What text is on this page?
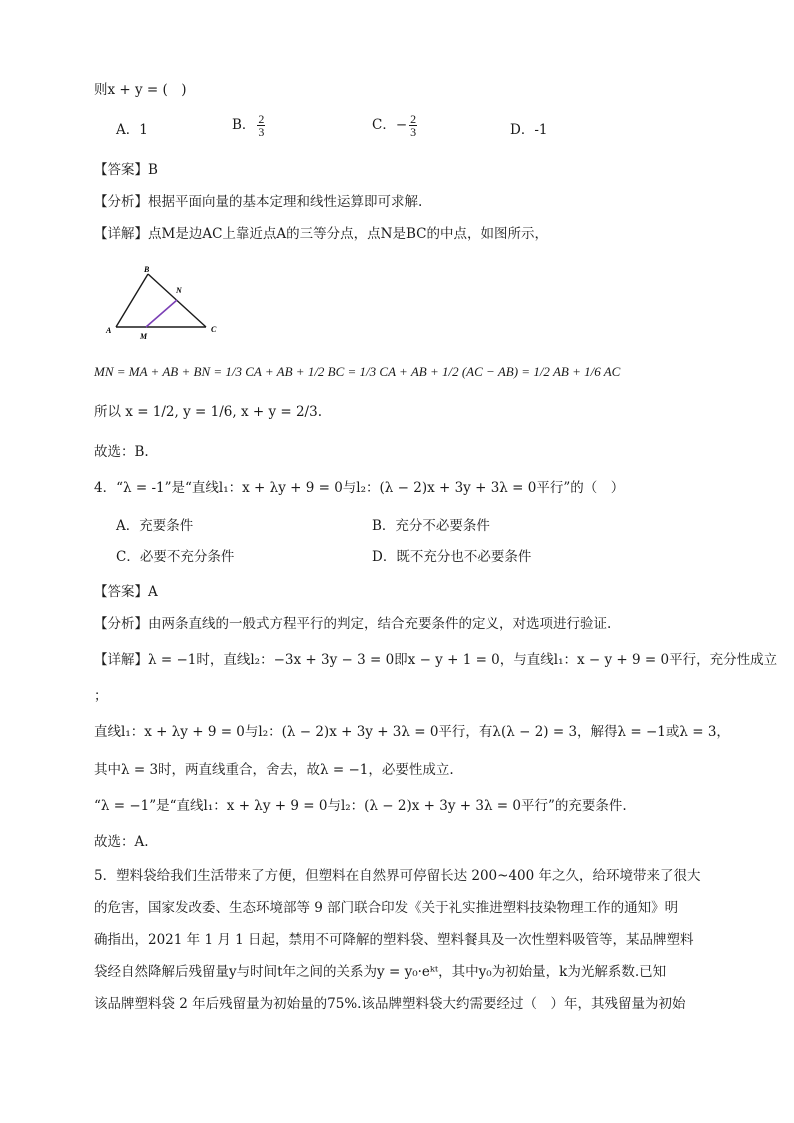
则x + y = (　)
A．1	B． $\frac{2}{3}$	C．− $\frac{2}{3}$	D．-1
【答案】B
【分析】根据平面向量的基本定理和线性运算即可求解.
【详解】点M是边AC上靠近点A的三等分点，点N是BC的中点，如图所示，
B
N
A
M
C
MN = MA + AB + BN = 1/3 CA + AB + 1/2 BC = 1/3 CA + AB + 1/2 (AC − AB) = 1/2 AB + 1/6 AC
所以 x = 1/2, y = 1/6, x + y = 2/3.
故选：B.
4．“λ = -1”是“直线l₁：x + λy + 9 = 0与l₂：(λ − 2)x + 3y + 3λ = 0平行”的（　）
A．充要条件	B．充分不必要条件
C．必要不充分条件	D．既不充分也不必要条件
【答案】A
【分析】由两条直线的一般式方程平行的判定，结合充要条件的定义，对选项进行验证.
【详解】λ = −1时，直线l₂：−3x + 3y − 3 = 0即x − y + 1 = 0，与直线l₁：x − y + 9 = 0平行，充分性成立
；
直线l₁：x + λy + 9 = 0与l₂：(λ − 2)x + 3y + 3λ = 0平行，有λ(λ − 2) = 3，解得λ = −1或λ = 3，
其中λ = 3时，两直线重合，舍去，故λ = −1，必要性成立.
“λ = −1”是“直线l₁：x + λy + 9 = 0与l₂：(λ − 2)x + 3y + 3λ = 0平行”的充要条件.
故选：A.
5．塑料袋给我们生活带来了方便，但塑料在自然界可停留长达 200~400 年之久，给环境带来了很大
的危害，国家发改委、生态环境部等 9 部门联合印发《关于礼实推进塑料技染物理工作的通知》明
确指出，2021 年 1 月 1 日起，禁用不可降解的塑料袋、塑料餐具及一次性塑料吸管等，某品牌塑料
袋经自然降解后残留量y与时间t年之间的关系为y = y₀·eᵏᵗ，其中y₀为初始量，k为光解系数.已知
该品牌塑料袋 2 年后残留量为初始量的75%.该品牌塑料袋大约需要经过（　）年，其残留量为初始
